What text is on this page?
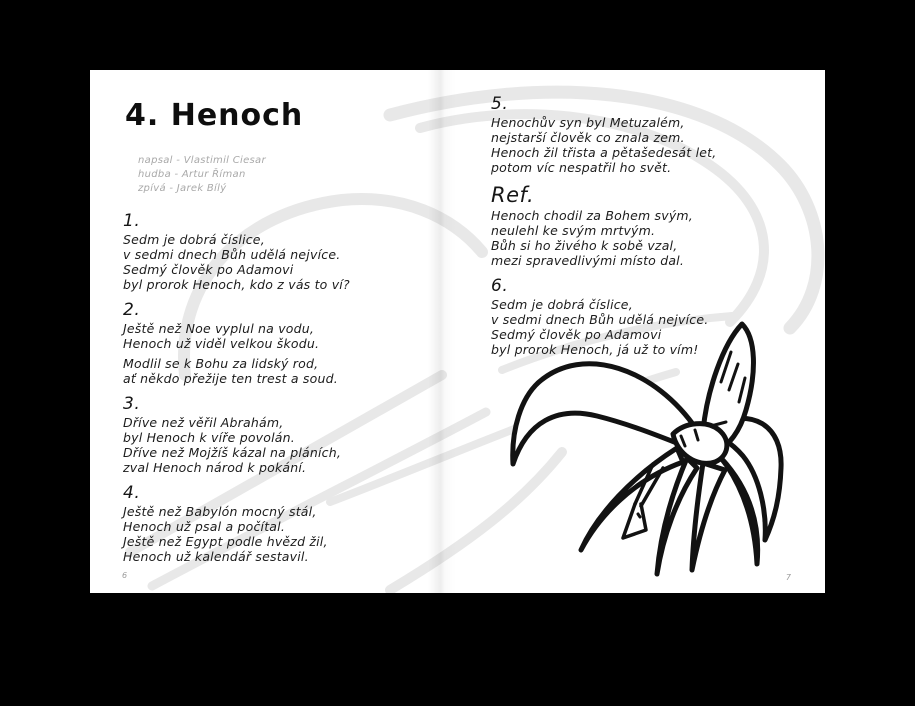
4. Henoch
napsal - Vlastimil Ciesar
hudba - Artur Říman
zpívá - Jarek Bílý
1.
Sedm je dobrá číslice,
v sedmi dnech Bůh udělá nejvíce.
Sedmý člověk po Adamovi
byl prorok Henoch, kdo z vás to ví?
2.
Ještě než Noe vyplul na vodu,
Henoch už viděl velkou škodu.
Modlil se k Bohu za lidský rod,
ať někdo přežije ten trest a soud.
3.
Dříve než věřil Abrahám,
byl Henoch k víře povolán.
Dříve než Mojžíš kázal na pláních,
zval Henoch národ k pokání.
4.
Ještě než Babylón mocný stál,
Henoch už psal a počítal.
Ještě než Egypt podle hvězd žil,
Henoch už kalendář sestavil.
6
5.
Henochův syn byl Metuzalém,
nejstarší člověk co znala zem.
Henoch žil třista a pětašedesát let,
potom víc nespatřil ho svět.
Ref.
Henoch chodil za Bohem svým,
neulehl ke svým mrtvým.
Bůh si ho živého k sobě vzal,
mezi spravedlivými místo dal.
6.
Sedm je dobrá číslice,
v sedmi dnech Bůh udělá nejvíce.
Sedmý člověk po Adamovi
byl prorok Henoch, já už to vím!
7
